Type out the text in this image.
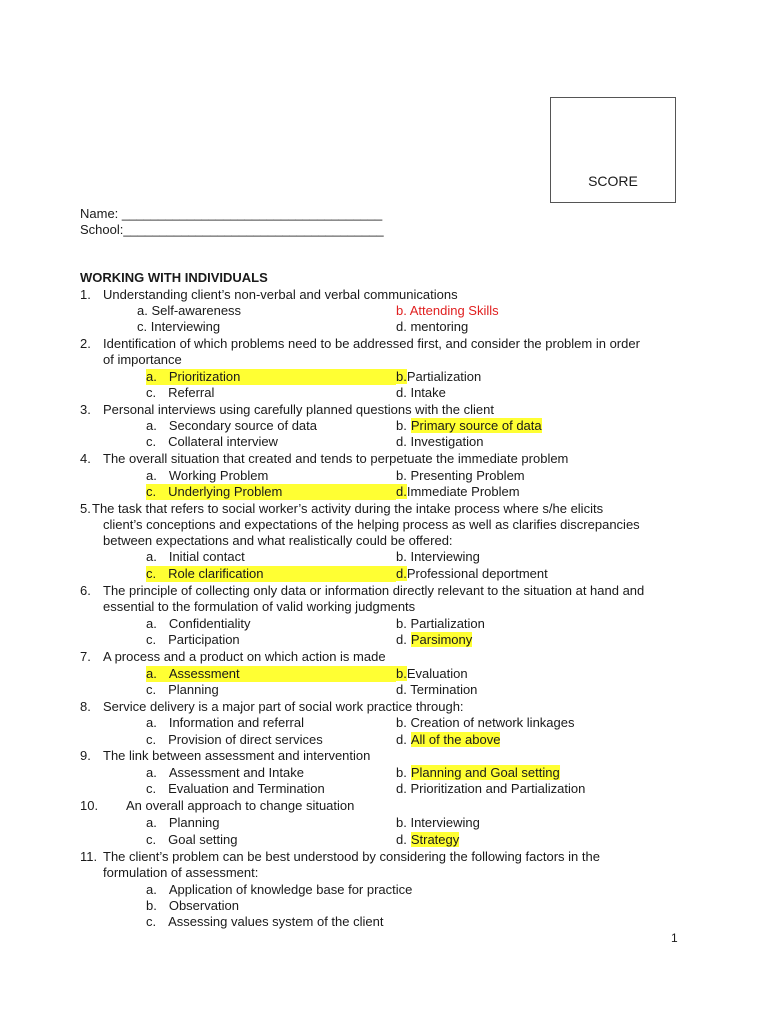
SCORE
Name: ____________________________________
School:____________________________________
WORKING WITH INDIVIDUALS
1. Understanding client’s non-verbal and verbal communications
a. Self-awareness	b. Attending Skills
c. Interviewing	d. mentoring
2. Identification of which problems need to be addressed first, and consider the problem in order
of importance
a. Prioritization	b.Partialization
c. Referral	d. Intake
3. Personal interviews using carefully planned questions with the client
a. Secondary source of data	b. Primary source of data
c. Collateral interview	d. Investigation
4. The overall situation that created and tends to perpetuate the immediate problem
a. Working Problem	b. Presenting Problem
c. Underlying Problem	d.Immediate Problem
5. The task that refers to social worker’s activity during the intake process where s/he elicits
client’s conceptions and expectations of the helping process as well as clarifies discrepancies
between expectations and what realistically could be offered:
a. Initial contact	b. Interviewing
c. Role clarification	d.Professional deportment
6. The principle of collecting only data or information directly relevant to the situation at hand and
essential to the formulation of valid working judgments
a. Confidentiality	b. Partialization
c. Participation	d. Parsimony
7. A process and a product on which action is made
a. Assessment	b.Evaluation
c. Planning	d. Termination
8. Service delivery is a major part of social work practice through:
a. Information and referral	b. Creation of network linkages
c. Provision of direct services	d. All of the above
9. The link between assessment and intervention
a. Assessment and Intake	b. Planning and Goal setting
c. Evaluation and Termination	d. Prioritization and Partialization
10. An overall approach to change situation
a. Planning	b. Interviewing
c. Goal setting	d. Strategy
11. The client’s problem can be best understood by considering the following factors in the
formulation of assessment:
a. Application of knowledge base for practice
b. Observation
c. Assessing values system of the client
1
